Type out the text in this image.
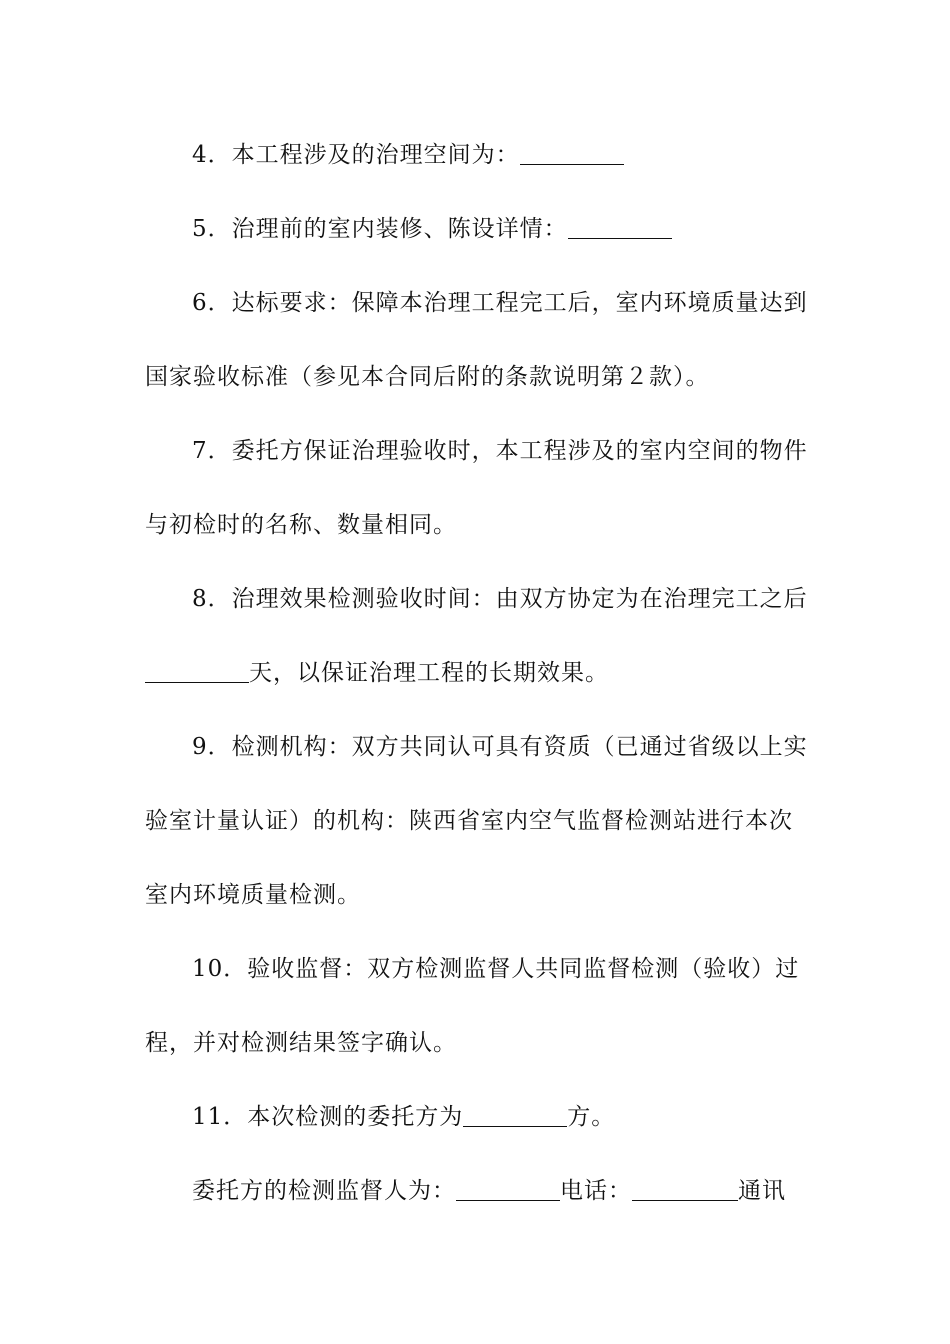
4．本工程涉及的治理空间为：
5．治理前的室内装修、陈设详情：
6．达标要求：保障本治理工程完工后，室内环境质量达到
国家验收标准（参见本合同后附的条款说明第２款）。
7．委托方保证治理验收时，本工程涉及的室内空间的物件
与初检时的名称、数量相同。
8．治理效果检测验收时间：由双方协定为在治理完工之后
天，以保证治理工程的长期效果。
9．检测机构：双方共同认可具有资质（已通过省级以上实
验室计量认证）的机构：陕西省室内空气监督检测站进行本次
室内环境质量检测。
10．验收监督：双方检测监督人共同监督检测（验收）过
程，并对检测结果签字确认。
11．本次检测的委托方为	方。
委托方的检测监督人为：	电话：	通讯
